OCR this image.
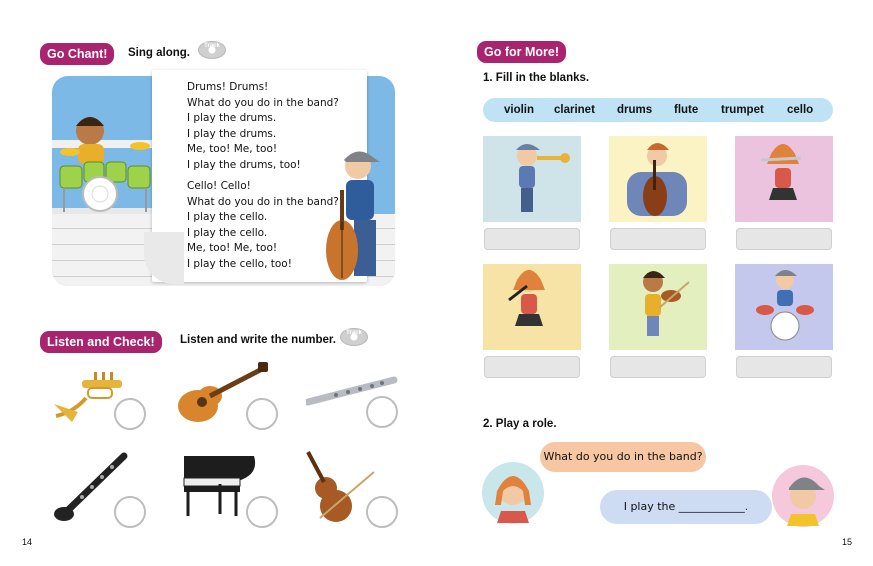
Go Chant!	Sing along.
Track 4
Drums! Drums!
What do you do in the band?
I play the drums.
I play the drums.
Me, too! Me, too!
I play the drums, too!
Cello! Cello!
What do you do in the band?
I play the cello.
I play the cello.
Me, too! Me, too!
I play the cello, too!
Listen and Check!	Listen and write the number.
Track 5
14
Go for More!
1. Fill in the blanks.
violin clarinet drums flute trumpet cello
2. Play a role.
What do you do in the band?
I play the ____________.
15
